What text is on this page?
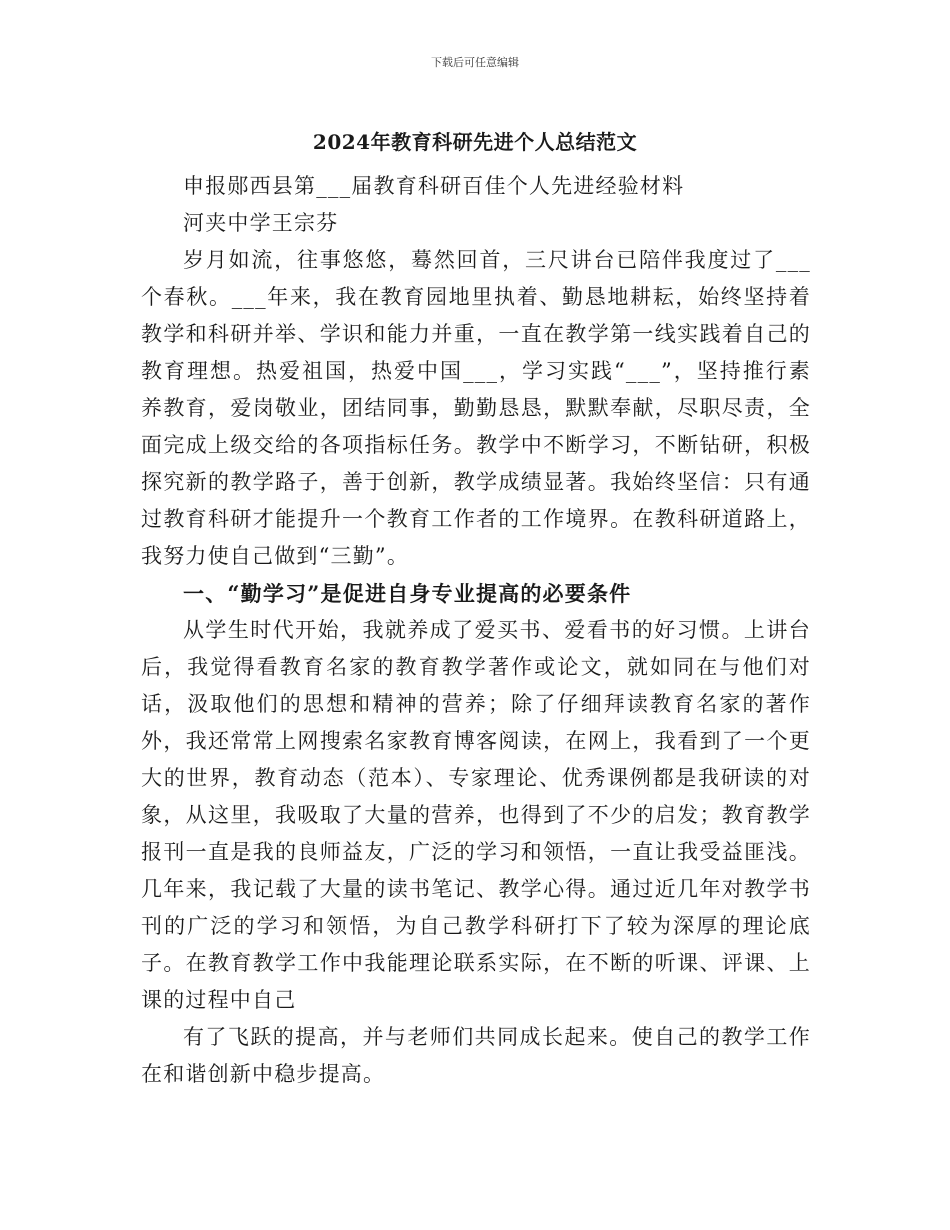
下载后可任意编辑
2024年教育科研先进个人总结范文

申报郧西县第___届教育科研百佳个人先进经验材料

河夹中学王宗芬

岁月如流，往事悠悠，蓦然回首，三尺讲台已陪伴我度过了___个春秋。___年来，我在教育园地里执着、勤恳地耕耘，始终坚持着教学和科研并举、学识和能力并重，一直在教学第一线实践着自己的教育理想。热爱祖国，热爱中国___，学习实践“___”，坚持推行素养教育，爱岗敬业，团结同事，勤勤恳恳，默默奉献，尽职尽责，全面完成上级交给的各项指标任务。教学中不断学习，不断钻研，积极探究新的教学路子，善于创新，教学成绩显著。我始终坚信：只有通过教育科研才能提升一个教育工作者的工作境界。在教科研道路上，我努力使自己做到“三勤”。

一、“勤学习”是促进自身专业提高的必要条件

从学生时代开始，我就养成了爱买书、爱看书的好习惯。上讲台后，我觉得看教育名家的教育教学著作或论文，就如同在与他们对话，汲取他们的思想和精神的营养；除了仔细拜读教育名家的著作外，我还常常上网搜索名家教育博客阅读，在网上，我看到了一个更大的世界，教育动态（范本）、专家理论、优秀课例都是我研读的对象，从这里，我吸取了大量的营养，也得到了不少的启发；教育教学报刊一直是我的良师益友，广泛的学习和领悟，一直让我受益匪浅。几年来，我记载了大量的读书笔记、教学心得。通过近几年对教学书刊的广泛的学习和领悟，为自己教学科研打下了较为深厚的理论底子。在教育教学工作中我能理论联系实际，在不断的听课、评课、上课的过程中自己

有了飞跃的提高，并与老师们共同成长起来。使自己的教学工作在和谐创新中稳步提高。
